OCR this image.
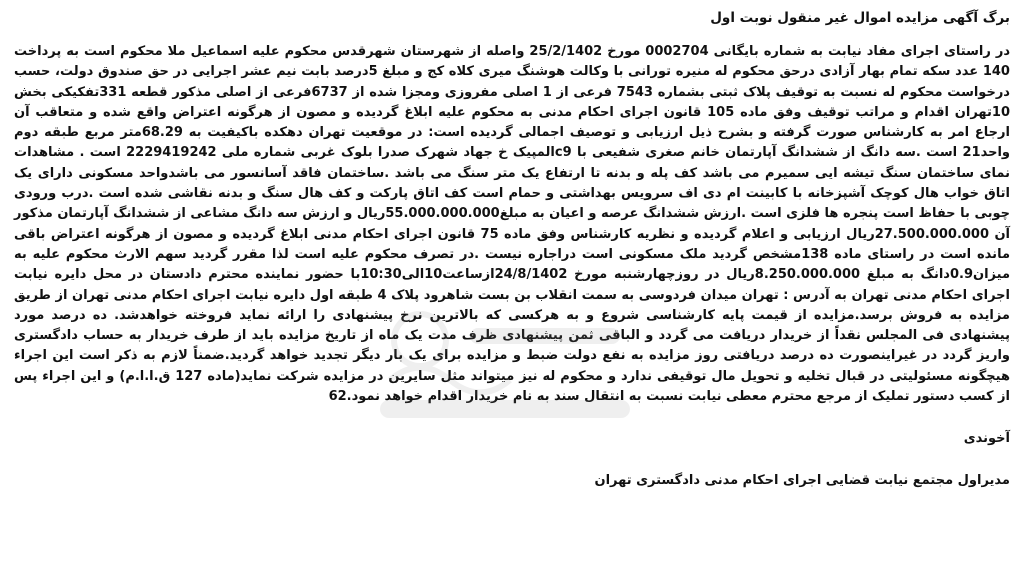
برگ آگهی مزایده اموال غیر منقول نوبت اول

در راستای اجرای مفاد نیابت به شماره بایگانی 0002704 مورخ 25/2/1402 واصله از شهرستان شهرقدس محکوم علیه اسماعیل ملا محکوم است به پرداخت 140 عدد سکه تمام بهار آزادی درحق محکوم له منیره تورانی با وکالت هوشنگ میری کلاه کج و مبلغ 5درصد بابت نیم عشر اجرایی در حق صندوق دولت، حسب درخواست محکوم له نسبت به توقیف پلاک ثبتی بشماره 7543 فرعی از 1 اصلی مفروزی ومجزا شده از 6737فرعی از اصلی مذکور قطعه 331تفکیکی بخش 10تهران اقدام و مراتب توقیف وفق ماده 105 قانون اجرای احکام مدنی به محکوم علیه ابلاغ گردیده و مصون از هرگونه اعتراض واقع شده و متعاقب آن ارجاع امر به کارشناس صورت گرفته و بشرح ذیل ارزیابی و توصیف اجمالی گردیده است: در موقعیت تهران دهکده باکیفیت به 68.29متر مربع طبقه دوم واحد21 است .سه دانگ از ششدانگ آپارتمان خانم صغری شفیعی با c9المپیک خ جهاد شهرک صدرا بلوک غربی شماره ملی 2229419242 است . مشاهدات نمای ساختمان سنگ تیشه ایی سمیرم می باشد کف پله و بدنه تا ارتفاع یک متر سنگ می باشد .ساختمان فاقد آسانسور می باشدواحد مسکونی دارای یک اتاق خواب هال کوچک آشپزخانه با کابینت ام دی اف سرویس بهداشتی و حمام است کف اتاق پارکت و کف هال سنگ و بدنه نقاشی شده است .درب ورودی چوبی با حفاظ است پنجره ها فلزی است .ارزش ششدانگ عرصه و اعیان به مبلغ55.000.000.000ریال و ارزش سه دانگ مشاعی از ششدانگ آپارتمان مذکور آن 27.500.000.000ریال ارزیابی و اعلام گردیده و نظریه کارشناس وفق ماده 75 قانون اجرای احکام مدنی ابلاغ گردیده و مصون از هرگونه اعتراض باقی مانده است در راستای ماده 138مشخص گردید ملک مسکونی است دراجاره نیست .در تصرف محکوم علیه است لذا مقرر گردید سهم الارث محکوم علیه به میزان0.9دانگ به مبلغ 8.250.000.000ریال در روزچهارشنبه مورخ 24/8/1402ازساعت10الی10:30با حضور نماینده محترم دادستان در محل دایره نیابت اجرای احکام مدنی تهران به آدرس : تهران میدان فردوسی به سمت انقلاب بن بست شاهرود پلاک 4 طبقه اول دایره نیابت اجرای احکام مدنی تهران از طریق مزایده به فروش برسد.مزایده از قیمت پایه کارشناسی شروع و به هرکسی که بالاترین نرخ پیشنهادی را ارائه نماید فروخته خواهدشد. ده درصد مورد پیشنهادی فی المجلس نقداً از خریدار دریافت می گردد و الباقی ثمن پیشنهادی ظرف مدت یک ماه از تاریخ مزایده باید از طرف خریدار به حساب دادگستری واریز گردد در غیراینصورت ده درصد دریافتی روز مزایده به نفع دولت ضبط و مزایده برای یک بار دیگر تجدید خواهد گردید.ضمناً لازم به ذکر است این اجراء هیچگونه مسئولیتی در قبال تخلیه و تحویل مال توقیفی ندارد و محکوم له نیز میتواند مثل سایرین در مزایده شرکت نماید(ماده 127 ق.ا.ا.م) و این اجراء پس از کسب دستور تملیک از مرجع محترم معطی نیابت نسبت به انتقال سند به نام خریدار اقدام خواهد نمود.62

آخوندی
مدیراول مجتمع نیابت قضایی اجرای احکام مدنی دادگستری تهران
